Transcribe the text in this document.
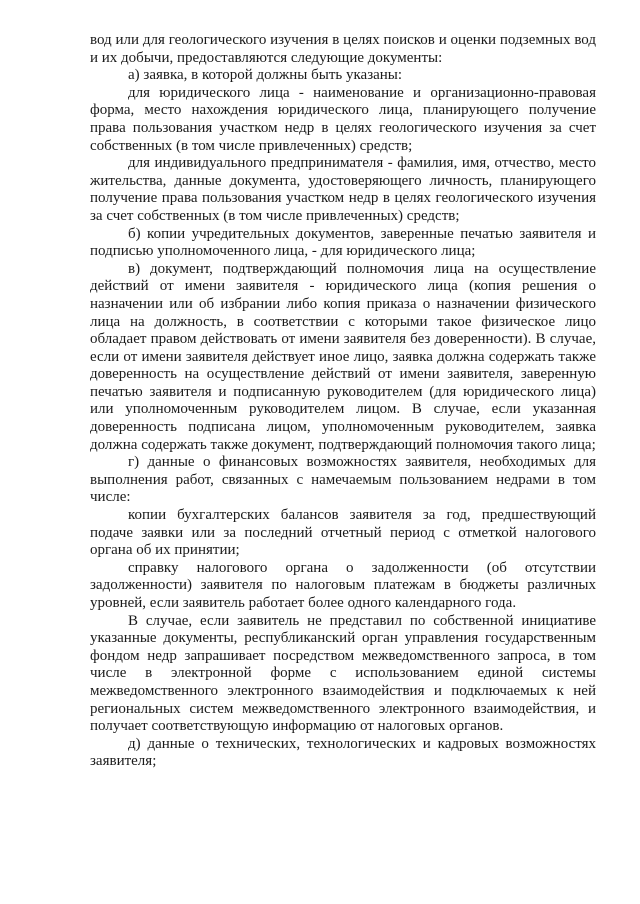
вод или для геологического изучения в целях поисков и оценки подземных вод и их добычи, предоставляются следующие документы:

а) заявка, в которой должны быть указаны:

для юридического лица - наименование и организационно-правовая форма, место нахождения юридического лица, планирующего получение права пользования участком недр в целях геологического изучения за счет собственных (в том числе привлеченных) средств;

для индивидуального предпринимателя - фамилия, имя, отчество, место жительства, данные документа, удостоверяющего личность, планирующего получение права пользования участком недр в целях геологического изучения за счет собственных (в том числе привлеченных) средств;

б) копии учредительных документов, заверенные печатью заявителя и подписью уполномоченного лица, - для юридического лица;

в) документ, подтверждающий полномочия лица на осуществление действий от имени заявителя - юридического лица (копия решения о назначении или об избрании либо копия приказа о назначении физического лица на должность, в соответствии с которыми такое физическое лицо обладает правом действовать от имени заявителя без доверенности). В случае, если от имени заявителя действует иное лицо, заявка должна содержать также доверенность на осуществление действий от имени заявителя, заверенную печатью заявителя и подписанную руководителем (для юридического лица) или уполномоченным руководителем лицом. В случае, если указанная доверенность подписана лицом, уполномоченным руководителем, заявка должна содержать также документ, подтверждающий полномочия такого лица;

г) данные о финансовых возможностях заявителя, необходимых для выполнения работ, связанных с намечаемым пользованием недрами в том числе:

копии бухгалтерских балансов заявителя за год, предшествующий подаче заявки или за последний отчетный период с отметкой налогового органа об их принятии;

справку налогового органа о задолженности (об отсутствии задолженности) заявителя по налоговым платежам в бюджеты различных уровней, если заявитель работает более одного календарного года.

В случае, если заявитель не представил по собственной инициативе указанные документы, республиканский орган управления государственным фондом недр запрашивает посредством межведомственного запроса, в том числе в электронной форме с использованием единой системы межведомственного электронного взаимодействия и подключаемых к ней региональных систем межведомственного электронного взаимодействия, и получает соответствующую информацию от налоговых органов.

д) данные о технических, технологических и кадровых возможностях заявителя;
